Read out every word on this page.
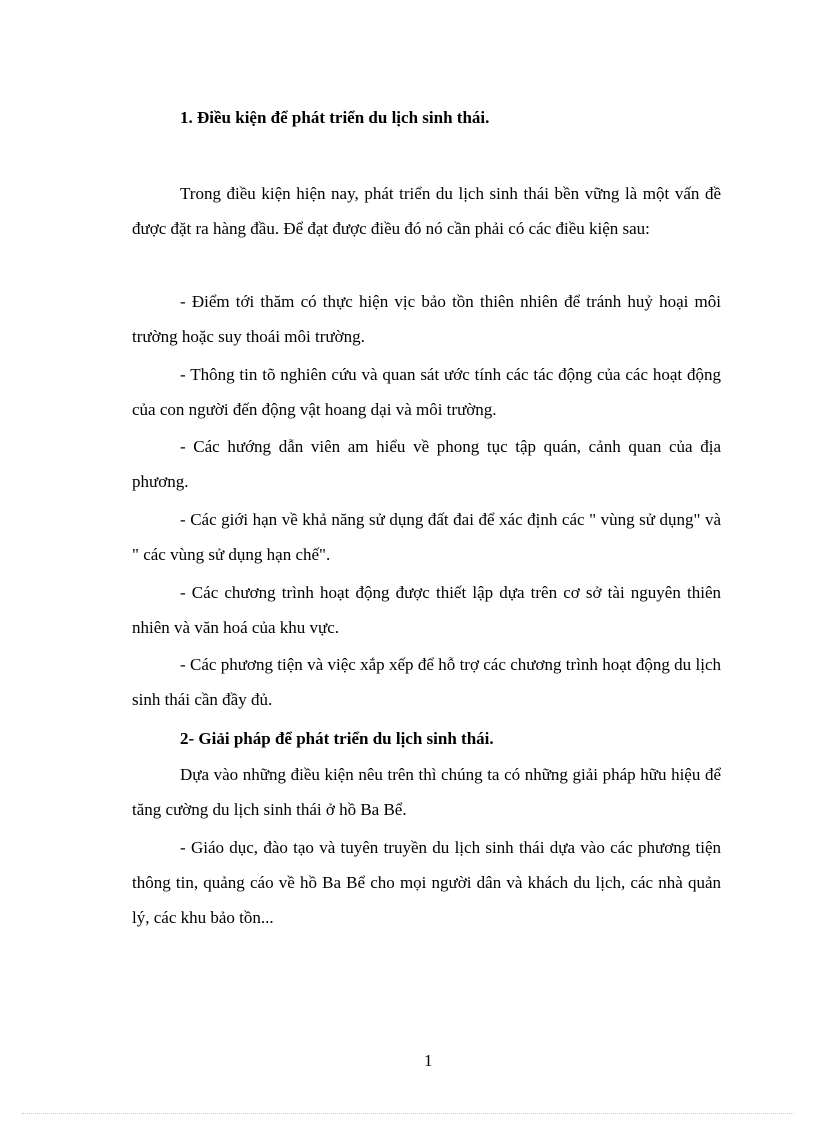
1. Điều kiện để phát triển du lịch sinh thái.

Trong điều kiện hiện nay, phát triển du lịch sinh thái bền vững là một vấn đề được đặt ra hàng đầu. Để đạt được điều đó nó cần phải có các điều kiện sau:

- Điểm tới thăm có thực hiện vịc bảo tồn thiên nhiên để tránh huỷ hoại môi trường hoặc suy thoái môi trường.

- Thông tin tõ nghiên cứu và quan sát ước tính các tác động của các hoạt động của con người đến động vật hoang dại và môi trường.

- Các hướng dẫn viên am hiểu về phong tục tập quán, cảnh quan của địa phương.

- Các giới hạn về khả năng sử dụng đất đai để xác định các " vùng sử dụng" và " các vùng sử dụng hạn chế".

- Các chương trình hoạt động được thiết lập dựa trên cơ sở tài nguyên thiên nhiên và văn hoá của khu vực.

- Các phương tiện và việc xắp xếp để hỗ trợ các chương trình hoạt động du lịch sinh thái cần đầy đủ.

2- Giải pháp để phát triển du lịch sinh thái.

Dựa vào những điều kiện nêu trên thì chúng ta có những giải pháp hữu hiệu để tăng cường du lịch sinh thái ở hồ Ba Bể.

- Giáo dục, đào tạo và tuyên truyền du lịch sinh thái dựa vào các phương tiện thông tin, quảng cáo về hồ Ba Bể cho mọi người dân và khách du lịch, các nhà quản lý, các khu bảo tồn...

1
